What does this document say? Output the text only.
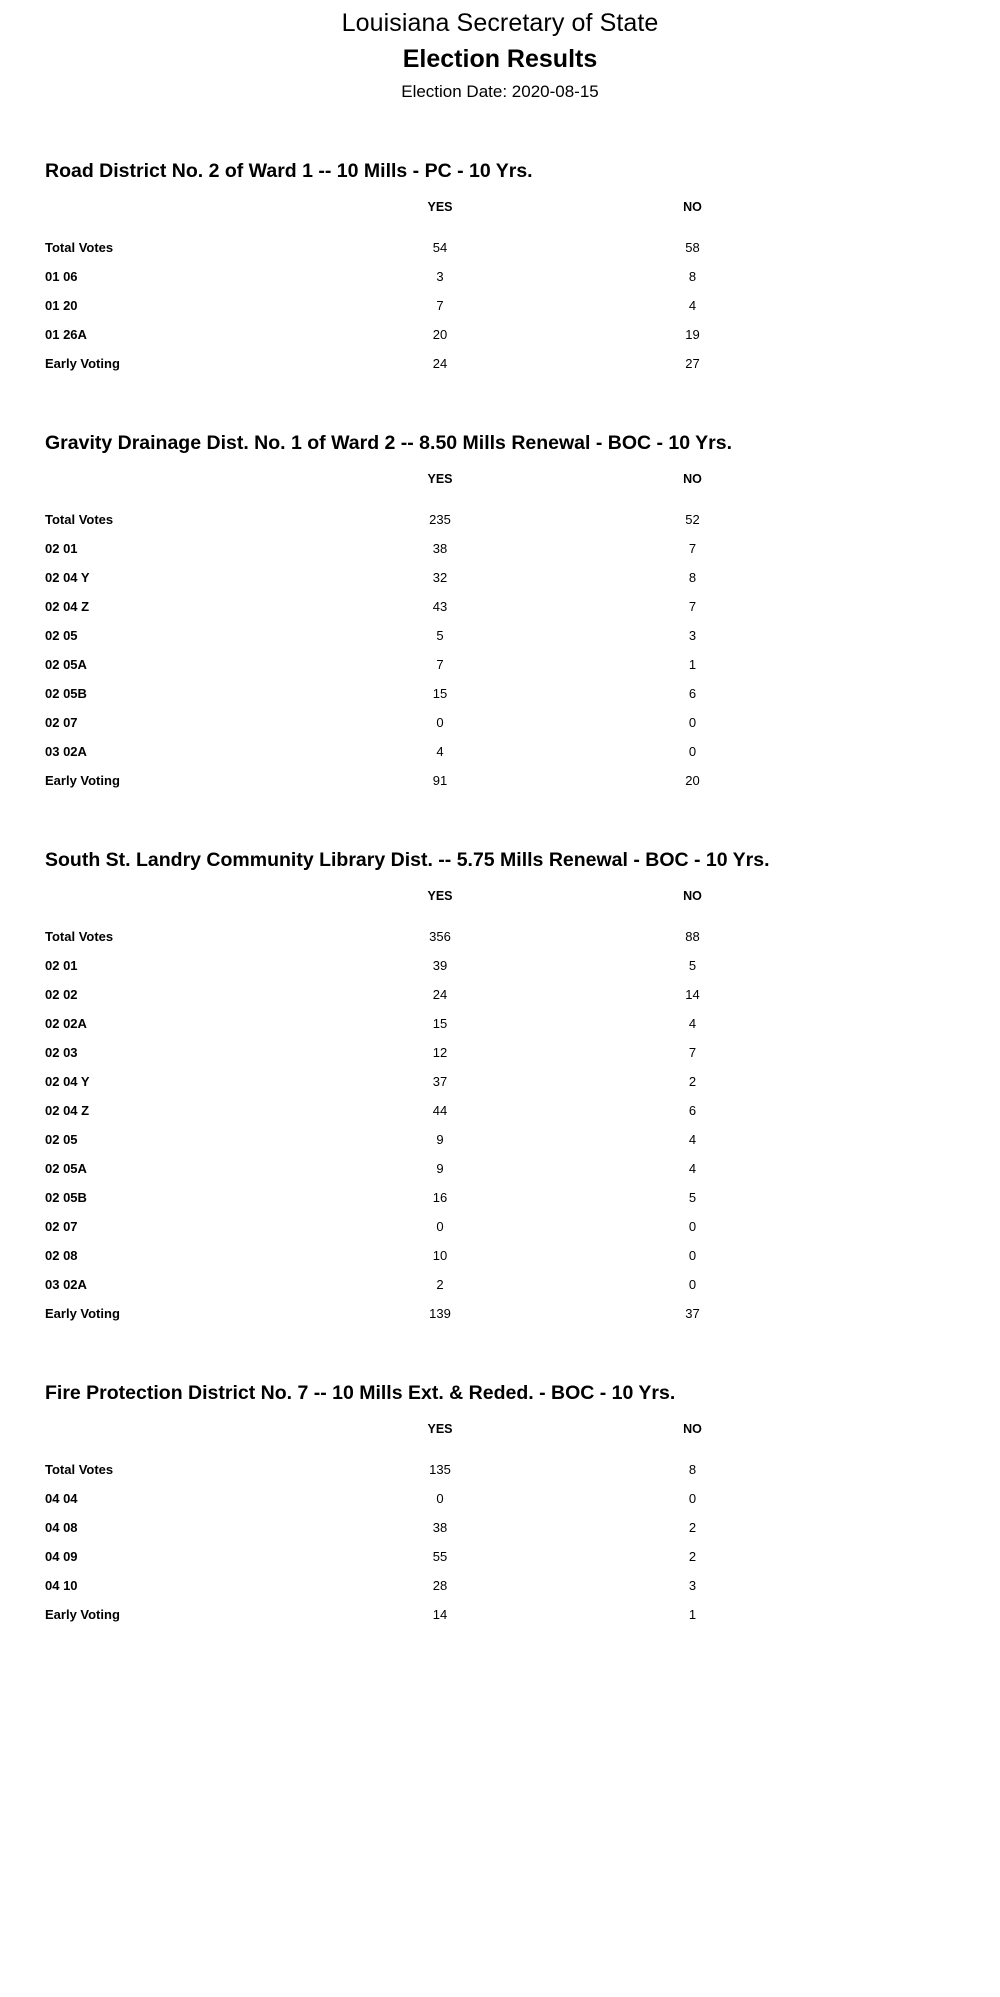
Louisiana Secretary of State
Election Results
Election Date: 2020-08-15
Road District No. 2 of Ward 1 -- 10 Mills - PC - 10 Yrs.
	YES	NO

Total Votes	54	58
01 06	3	8
01 20	7	4
01 26A	20	19
Early Voting	24	27
Gravity Drainage Dist. No. 1 of Ward 2 -- 8.50 Mills Renewal - BOC - 10 Yrs.
	YES	NO

Total Votes	235	52
02 01	38	7
02 04 Y	32	8
02 04 Z	43	7
02 05	5	3
02 05A	7	1
02 05B	15	6
02 07	0	0
03 02A	4	0
Early Voting	91	20
South St. Landry Community Library Dist. -- 5.75 Mills Renewal - BOC - 10 Yrs.
	YES	NO

Total Votes	356	88
02 01	39	5
02 02	24	14
02 02A	15	4
02 03	12	7
02 04 Y	37	2
02 04 Z	44	6
02 05	9	4
02 05A	9	4
02 05B	16	5
02 07	0	0
02 08	10	0
03 02A	2	0
Early Voting	139	37
Fire Protection District No. 7 -- 10 Mills Ext. & Reded. - BOC - 10 Yrs.
	YES	NO

Total Votes	135	8
04 04	0	0
04 08	38	2
04 09	55	2
04 10	28	3
Early Voting	14	1
